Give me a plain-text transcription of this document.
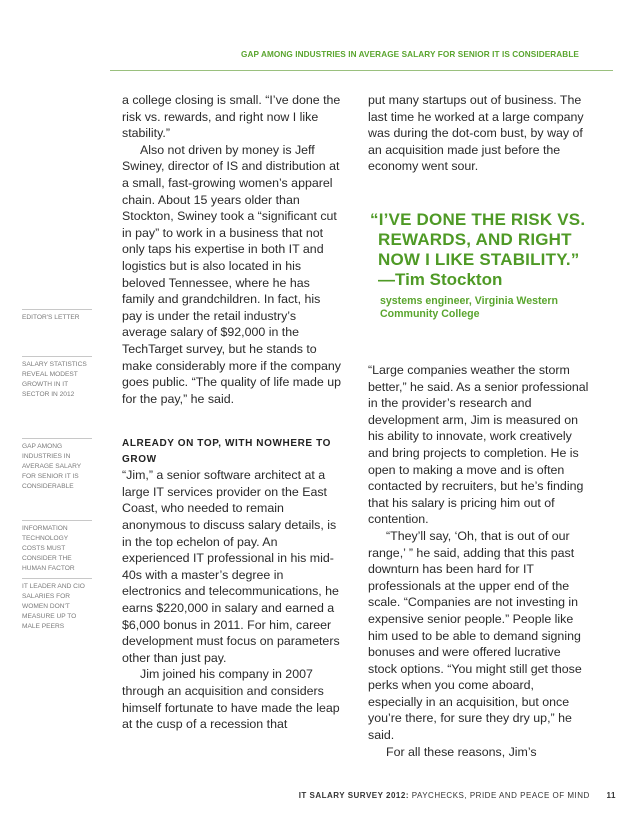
GAP AMONG INDUSTRIES IN AVERAGE SALARY FOR SENIOR IT IS CONSIDERABLE
EDITOR'S LETTER
SALARY STATISTICS REVEAL MODEST GROWTH IN IT SECTOR IN 2012
GAP AMONG INDUSTRIES IN AVERAGE SALARY FOR SENIOR IT IS CONSIDERABLE
INFORMATION TECHNOLOGY COSTS MUST CONSIDER THE HUMAN FACTOR
IT LEADER AND CIO SALARIES FOR WOMEN DON'T MEASURE UP TO MALE PEERS

a college closing is small. “I’ve done the risk vs. rewards, and right now I like stability.”

Also not driven by money is Jeff Swiney, director of IS and distribution at a small, fast-growing women’s apparel chain. About 15 years older than Stockton, Swiney took a “significant cut in pay” to work in a business that not only taps his expertise in both IT and logistics but is also located in his beloved Tennessee, where he has family and grandchildren. In fact, his pay is under the retail industry’s average salary of $92,000 in the TechTarget survey, but he stands to make considerably more if the company goes public. “The quality of life made up for the pay,” he said.

ALREADY ON TOP, WITH NOWHERE TO GROW

“Jim,” a senior software architect at a large IT services provider on the East Coast, who needed to remain anonymous to discuss salary details, is in the top echelon of pay. An experienced IT professional in his mid-40s with a master’s degree in electronics and telecommunications, he earns $220,000 in salary and earned a $6,000 bonus in 2011. For him, career development must focus on parameters other than just pay.

Jim joined his company in 2007 through an acquisition and considers himself fortunate to have made the leap at the cusp of a recession that

put many startups out of business. The last time he worked at a large company was during the dot-com bust, by way of an acquisition made just before the economy went sour.

“I’VE DONE THE RISK VS. REWARDS, AND RIGHT NOW I LIKE STABILITY.”
—Tim Stockton
systems engineer, Virginia Western Community College

“Large companies weather the storm better,” he said. As a senior professional in the provider’s research and development arm, Jim is measured on his ability to innovate, work creatively and bring projects to completion. He is open to making a move and is often contacted by recruiters, but he’s finding that his salary is pricing him out of contention.

“They’ll say, ‘Oh, that is out of our range,’ ” he said, adding that this past downturn has been hard for IT professionals at the upper end of the scale. “Companies are not investing in expensive senior people.” People like him used to be able to demand signing bonuses and were offered lucrative stock options. “You might still get those perks when you come aboard, especially in an acquisition, but once you’re there, for sure they dry up,” he said.

For all these reasons, Jim’s

IT SALARY SURVEY 2012: PAYCHECKS, PRIDE AND PEACE OF MIND 11
